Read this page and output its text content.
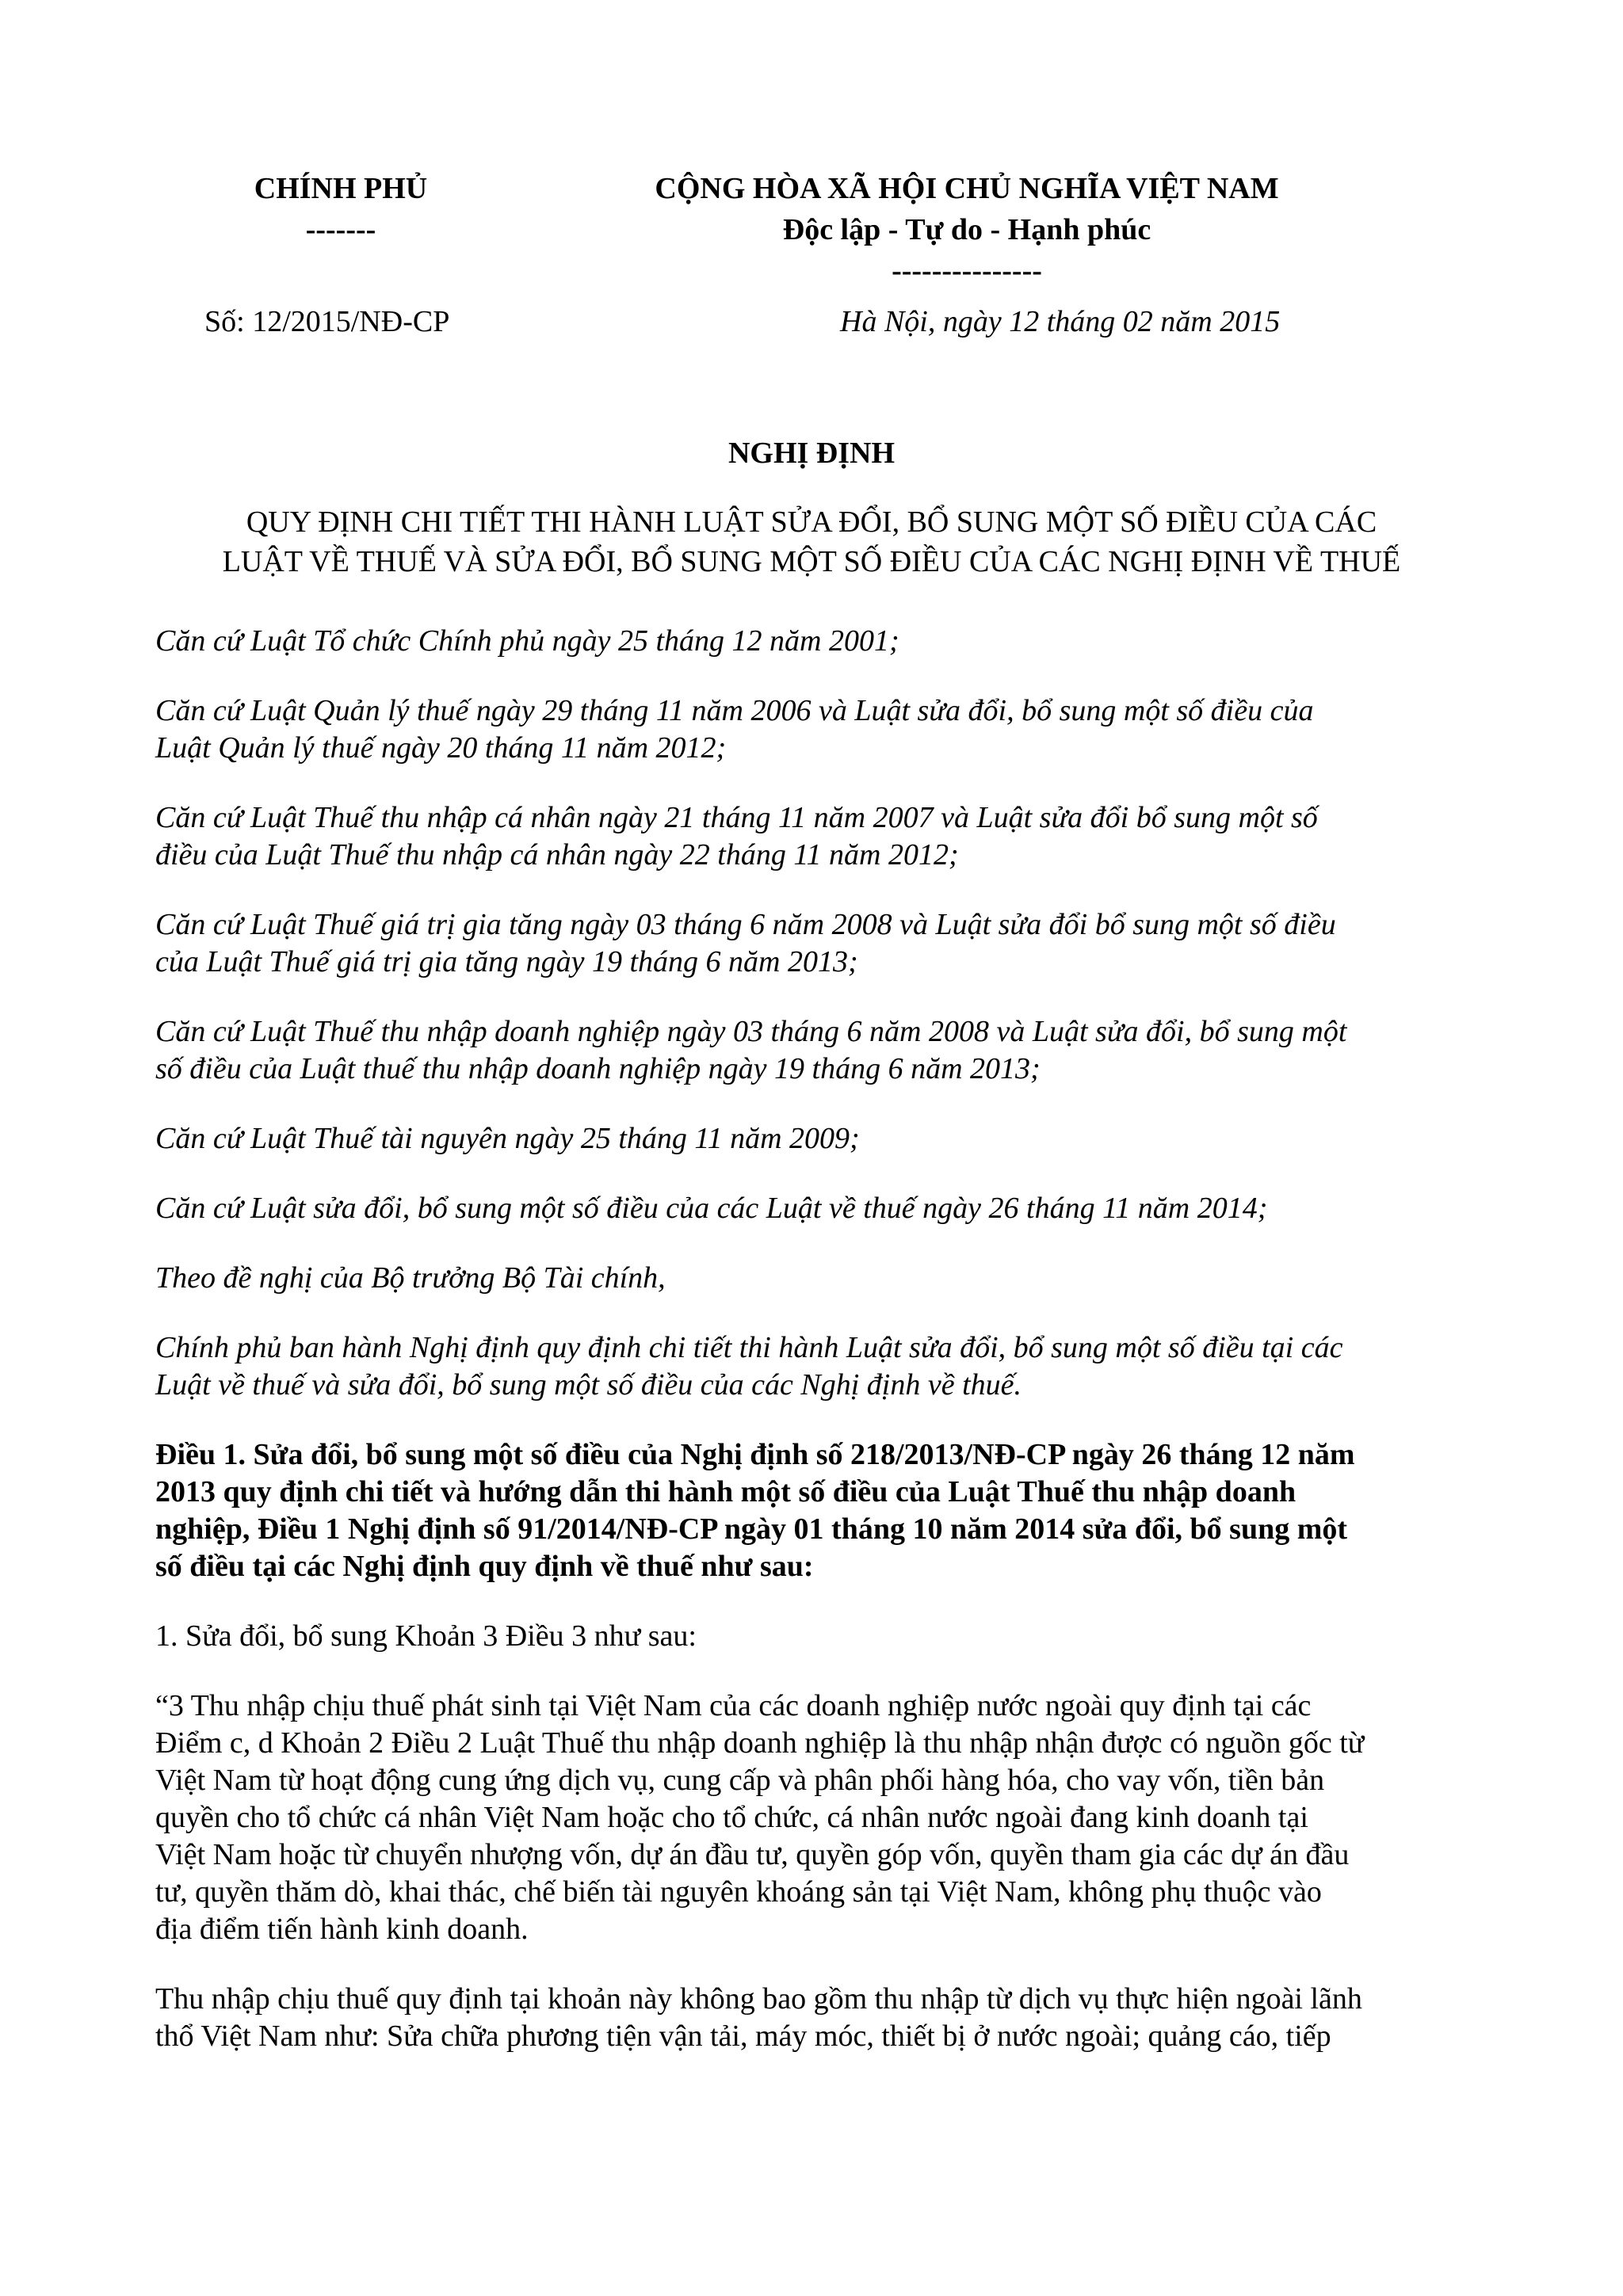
CHÍNH PHỦ
-------
CỘNG HÒA XÃ HỘI CHỦ NGHĨA VIỆT NAM
Độc lập - Tự do - Hạnh phúc
---------------
Số: 12/2015/NĐ-CP	Hà Nội, ngày 12 tháng 02 năm 2015
NGHỊ ĐỊNH
QUY ĐỊNH CHI TIẾT THI HÀNH LUẬT SỬA ĐỔI, BỔ SUNG MỘT SỐ ĐIỀU CỦA CÁC
LUẬT VỀ THUẾ VÀ SỬA ĐỔI, BỔ SUNG MỘT SỐ ĐIỀU CỦA CÁC NGHỊ ĐỊNH VỀ THUẾ
Căn cứ Luật Tổ chức Chính phủ ngày 25 tháng 12 năm 2001;
Căn cứ Luật Quản lý thuế ngày 29 tháng 11 năm 2006 và Luật sửa đổi, bổ sung một số điều của
Luật Quản lý thuế ngày 20 tháng 11 năm 2012;
Căn cứ Luật Thuế thu nhập cá nhân ngày 21 tháng 11 năm 2007 và Luật sửa đổi bổ sung một số
điều của Luật Thuế thu nhập cá nhân ngày 22 tháng 11 năm 2012;
Căn cứ Luật Thuế giá trị gia tăng ngày 03 tháng 6 năm 2008 và Luật sửa đổi bổ sung một số điều
của Luật Thuế giá trị gia tăng ngày 19 tháng 6 năm 2013;
Căn cứ Luật Thuế thu nhập doanh nghiệp ngày 03 tháng 6 năm 2008 và Luật sửa đổi, bổ sung một
số điều của Luật thuế thu nhập doanh nghiệp ngày 19 tháng 6 năm 2013;
Căn cứ Luật Thuế tài nguyên ngày 25 tháng 11 năm 2009;
Căn cứ Luật sửa đổi, bổ sung một số điều của các Luật về thuế ngày 26 tháng 11 năm 2014;
Theo đề nghị của Bộ trưởng Bộ Tài chính,
Chính phủ ban hành Nghị định quy định chi tiết thi hành Luật sửa đổi, bổ sung một số điều tại các
Luật về thuế và sửa đổi, bổ sung một số điều của các Nghị định về thuế.
Điều 1. Sửa đổi, bổ sung một số điều của Nghị định số 218/2013/NĐ-CP ngày 26 tháng 12 năm
2013 quy định chi tiết và hướng dẫn thi hành một số điều của Luật Thuế thu nhập doanh
nghiệp, Điều 1 Nghị định số 91/2014/NĐ-CP ngày 01 tháng 10 năm 2014 sửa đổi, bổ sung một
số điều tại các Nghị định quy định về thuế như sau:
1. Sửa đổi, bổ sung Khoản 3 Điều 3 như sau:
“3 Thu nhập chịu thuế phát sinh tại Việt Nam của các doanh nghiệp nước ngoài quy định tại các
Điểm c, d Khoản 2 Điều 2 Luật Thuế thu nhập doanh nghiệp là thu nhập nhận được có nguồn gốc từ
Việt Nam từ hoạt động cung ứng dịch vụ, cung cấp và phân phối hàng hóa, cho vay vốn, tiền bản
quyền cho tổ chức cá nhân Việt Nam hoặc cho tổ chức, cá nhân nước ngoài đang kinh doanh tại
Việt Nam hoặc từ chuyển nhượng vốn, dự án đầu tư, quyền góp vốn, quyền tham gia các dự án đầu
tư, quyền thăm dò, khai thác, chế biến tài nguyên khoáng sản tại Việt Nam, không phụ thuộc vào
địa điểm tiến hành kinh doanh.
Thu nhập chịu thuế quy định tại khoản này không bao gồm thu nhập từ dịch vụ thực hiện ngoài lãnh
thổ Việt Nam như: Sửa chữa phương tiện vận tải, máy móc, thiết bị ở nước ngoài; quảng cáo, tiếp
